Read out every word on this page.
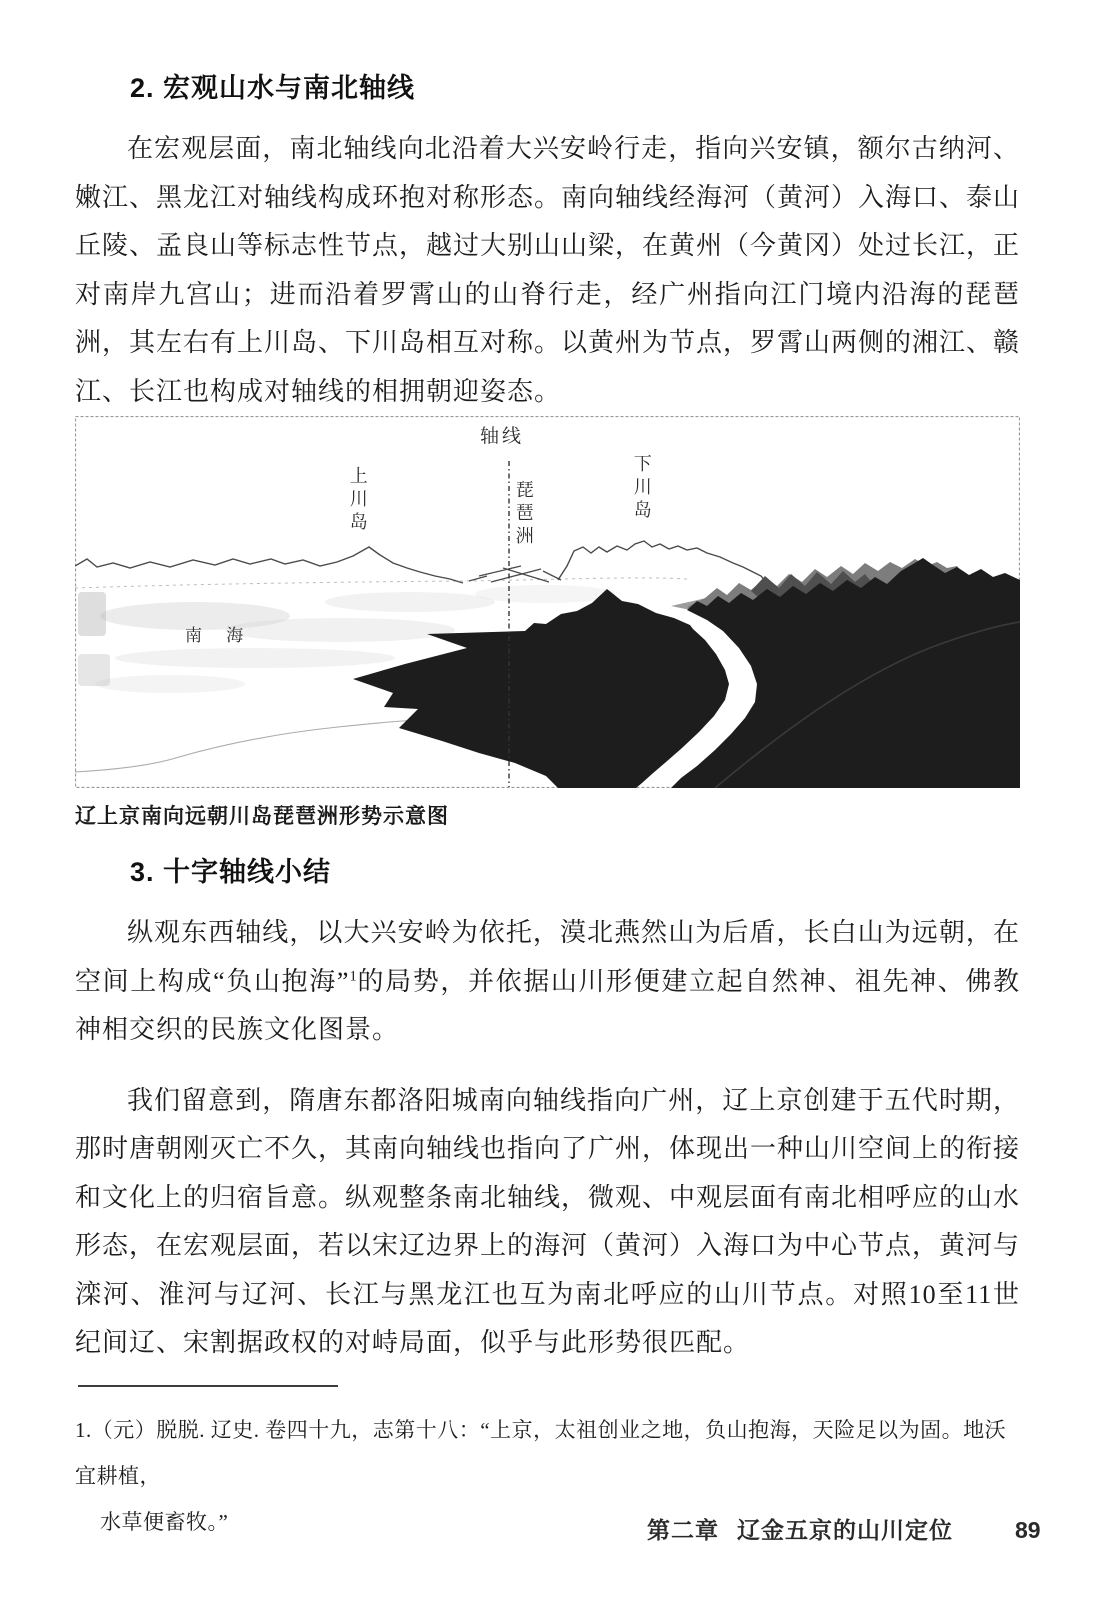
2. 宏观山水与南北轴线

在宏观层面，南北轴线向北沿着大兴安岭行走，指向兴安镇，额尔古纳河、嫩江、黑龙江对轴线构成环抱对称形态。南向轴线经海河（黄河）入海口、泰山丘陵、孟良山等标志性节点，越过大别山山梁，在黄州（今黄冈）处过长江，正对南岸九宫山；进而沿着罗霄山的山脊行走，经广州指向江门境内沿海的琵琶洲，其左右有上川岛、下川岛相互对称。以黄州为节点，罗霄山两侧的湘江、赣江、长江也构成对轴线的相拥朝迎姿态。

轴线
上川岛	琵琶洲	下川岛
南 海
辽上京南向远朝川岛琵琶洲形势示意图
3. 十字轴线小结

纵观东西轴线，以大兴安岭为依托，漠北燕然山为后盾，长白山为远朝，在空间上构成“负山抱海”$^1$的局势，并依据山川形便建立起自然神、祖先神、佛教神相交织的民族文化图景。

我们留意到，隋唐东都洛阳城南向轴线指向广州，辽上京创建于五代时期，那时唐朝刚灭亡不久，其南向轴线也指向了广州，体现出一种山川空间上的衔接和文化上的归宿旨意。纵观整条南北轴线，微观、中观层面有南北相呼应的山水形态，在宏观层面，若以宋辽边界上的海河（黄河）入海口为中心节点，黄河与滦河、淮河与辽河、长江与黑龙江也互为南北呼应的山川节点。对照10至11世纪间辽、宋割据政权的对峙局面，似乎与此形势很匹配。

1.（元）脱脱. 辽史. 卷四十九，志第十八：“上京，太祖创业之地，负山抱海，天险足以为固。地沃宜耕植，
水草便畜牧。”	第二章 辽金五京的山川定位	89
